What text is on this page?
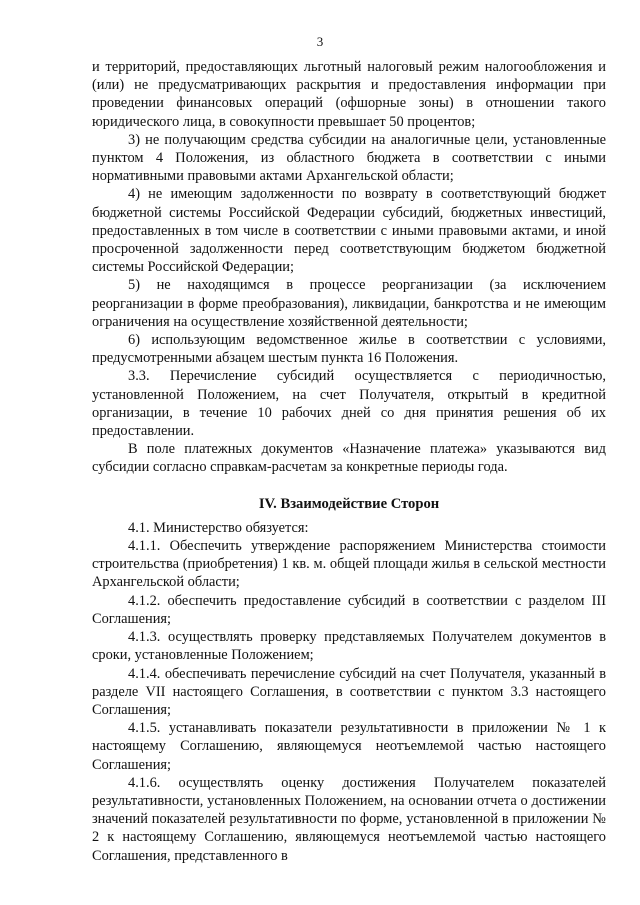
3

и территорий, предоставляющих льготный налоговый режим налогообложения и (или) не предусматривающих раскрытия и предоставления информации при проведении финансовых операций (офшорные зоны) в отношении такого юридического лица, в совокупности превышает 50 процентов;

3) не получающим средства субсидии на аналогичные цели, установленные пунктом 4 Положения, из областного бюджета в соответствии с иными нормативными правовыми актами Архангельской области;

4) не имеющим задолженности по возврату в соответствующий бюджет бюджетной системы Российской Федерации субсидий, бюджетных инвестиций, предоставленных в том числе в соответствии с иными правовыми актами, и иной просроченной задолженности перед соответствующим бюджетом бюджетной системы Российской Федерации;

5) не находящимся в процессе реорганизации (за исключением реорганизации в форме преобразования), ликвидации, банкротства и не имеющим ограничения на осуществление хозяйственной деятельности;

6) использующим ведомственное жилье в соответствии с условиями, предусмотренными абзацем шестым пункта 16 Положения.

3.3. Перечисление субсидий осуществляется с периодичностью, установленной Положением, на счет Получателя, открытый в кредитной организации, в течение 10 рабочих дней со дня принятия решения об их предоставлении.

В поле платежных документов «Назначение платежа» указываются вид субсидии согласно справкам-расчетам за конкретные периоды года.

IV. Взаимодействие Сторон

4.1. Министерство обязуется:

4.1.1. Обеспечить утверждение распоряжением Министерства стоимости строительства (приобретения) 1 кв. м. общей площади жилья в сельской местности Архангельской области;

4.1.2. обеспечить предоставление субсидий в соответствии с разделом III Соглашения;

4.1.3. осуществлять проверку представляемых Получателем документов в сроки, установленные Положением;

4.1.4. обеспечивать перечисление субсидий на счет Получателя, указанный в разделе VII настоящего Соглашения, в соответствии с пунктом 3.3 настоящего Соглашения;

4.1.5. устанавливать показатели результативности в приложении № 1 к настоящему Соглашению, являющемуся неотъемлемой частью настоящего Соглашения;

4.1.6. осуществлять оценку достижения Получателем показателей результативности, установленных Положением, на основании отчета о достижении значений показателей результативности по форме, установленной в приложении № 2 к настоящему Соглашению, являющемуся неотъемлемой частью настоящего Соглашения, представленного в
